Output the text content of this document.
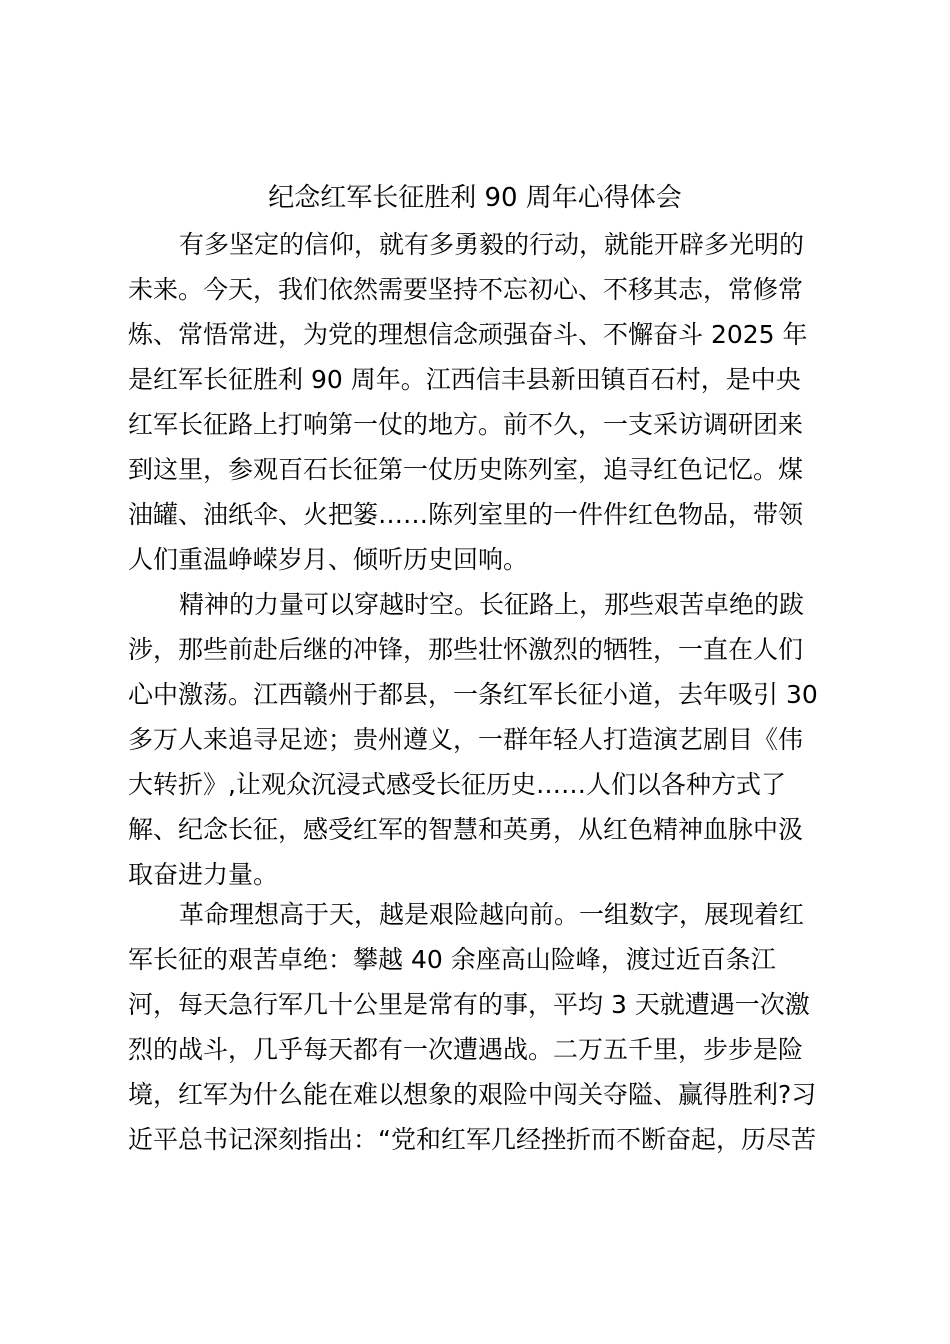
纪念红军长征胜利 90 周年心得体会
有多坚定的信仰，就有多勇毅的行动，就能开辟多光明的
未来。今天，我们依然需要坚持不忘初心、不移其志，常修常
炼、常悟常进，为党的理想信念顽强奋斗、不懈奋斗 2025 年
是红军长征胜利 90 周年。江西信丰县新田镇百石村，是中央
红军长征路上打响第一仗的地方。前不久，一支采访调研团来
到这里，参观百石长征第一仗历史陈列室，追寻红色记忆。煤
油罐、油纸伞、火把篓……陈列室里的一件件红色物品，带领
人们重温峥嵘岁月、倾听历史回响。
精神的力量可以穿越时空。长征路上，那些艰苦卓绝的跋
涉，那些前赴后继的冲锋，那些壮怀激烈的牺牲，一直在人们
心中激荡。江西赣州于都县，一条红军长征小道，去年吸引 30
多万人来追寻足迹；贵州遵义，一群年轻人打造演艺剧目《伟
大转折》,让观众沉浸式感受长征历史……人们以各种方式了
解、纪念长征，感受红军的智慧和英勇，从红色精神血脉中汲
取奋进力量。
革命理想高于天，越是艰险越向前。一组数字，展现着红
军长征的艰苦卓绝：攀越 40 余座高山险峰，渡过近百条江
河，每天急行军几十公里是常有的事，平均 3 天就遭遇一次激
烈的战斗，几乎每天都有一次遭遇战。二万五千里，步步是险
境，红军为什么能在难以想象的艰险中闯关夺隘、赢得胜利?习
近平总书记深刻指出：“党和红军几经挫折而不断奋起，历尽苦
